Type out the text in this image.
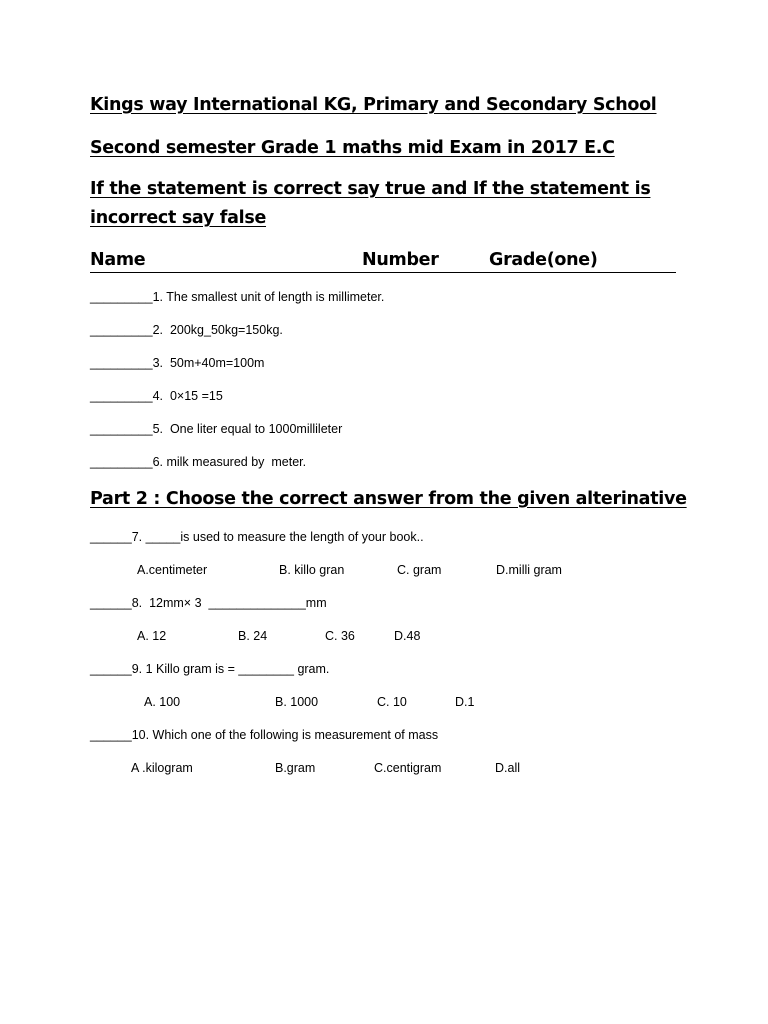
Kings way International KG, Primary and Secondary School
Second semester Grade 1 maths mid Exam in 2017 E.C
If the statement is correct say true and If the statement is incorrect say false
Name	Number	Grade(one)
_________1. The smallest unit of length is millimeter.
_________2.  200kg_50kg=150kg.
_________3.  50m+40m=100m
_________4.  0×15 =15
_________5.  One liter equal to 1000millileter
_________6. milk measured by  meter.
Part 2 : Choose the correct answer from the given alterinative
______7. _____is used to measure the length of your book..
A.centimeter	B. killo gran	C. gram	D.milli gram
______8.  12mm× 3  ______________mm
A. 12	B. 24	C. 36	D.48
______9. 1 Killo gram is = ________ gram.
A. 100	B. 1000	C. 10	D.1
______10. Which one of the following is measurement of mass
A .kilogram	B.gram	C.centigram	D.all
